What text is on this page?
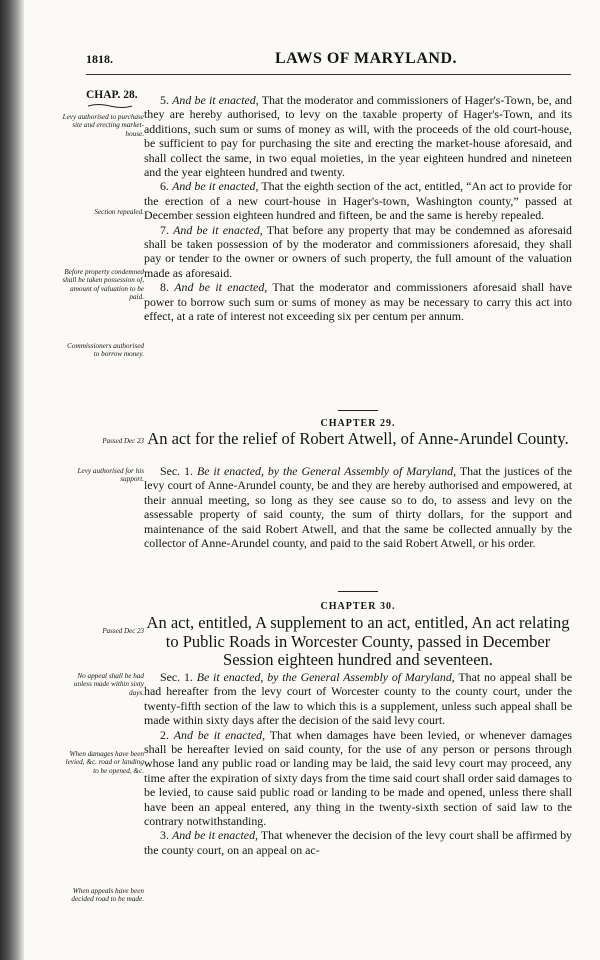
1818.	LAWS OF MARYLAND.
CHAP. 28.
Levy authorised to purchase site and erecting market-house.
Section repealed.
Before property condemned shall be taken possession of, amount of valuation to be paid.
Commissioners authorised to borrow money.

5. And be it enacted, That the moderator and commissioners of Hager's-Town, be, and they are hereby authorised, to levy on the taxable property of Hager's-Town, and its additions, such sum or sums of money as will, with the proceeds of the old court-house, be sufficient to pay for purchasing the site and erecting the market-house aforesaid, and shall collect the same, in two equal moieties, in the year eighteen hundred and nineteen and the year eighteen hundred and twenty.

6. And be it enacted, That the eighth section of the act, entitled, “An act to provide for the erection of a new court-house in Hager's-town, Washington county,” passed at December session eighteen hundred and fifteen, be and the same is hereby repealed.

7. And be it enacted, That before any property that may be condemned as aforesaid shall be taken possession of by the moderator and commissioners aforesaid, they shall pay or tender to the owner or owners of such property, the full amount of the valuation made as aforesaid.

8. And be it enacted, That the moderator and commissioners aforesaid shall have power to borrow such sum or sums of money as may be necessary to carry this act into effect, at a rate of interest not exceeding six per centum per annum.

CHAPTER 29.
Passed Dec 23 An act for the relief of Robert Atwell, of Anne-Arundel County.
Levy authorised for his support.

Sec. 1. Be it enacted, by the General Assembly of Maryland, That the justices of the levy court of Anne-Arundel county, be and they are hereby authorised and empowered, at their annual meeting, so long as they see cause so to do, to assess and levy on the assessable property of said county, the sum of thirty dollars, for the support and maintenance of the said Robert Atwell, and that the same be collected annually by the collector of Anne-Arundel county, and paid to the said Robert Atwell, or his order.

CHAPTER 30.
Passed Dec 23 An act, entitled, A supplement to an act, entitled, An act relating to Public Roads in Worcester County, passed in December Session eighteen hundred and seventeen.
No appeal shall be had unless made within sixty days.
When damages have been levied, &c. road or landing to be opened, &c.
When appeals have been decided road to be made.

Sec. 1. Be it enacted, by the General Assembly of Maryland, That no appeal shall be had hereafter from the levy court of Worcester county to the county court, under the twenty-fifth section of the law to which this is a supplement, unless such appeal shall be made within sixty days after the decision of the said levy court.

2. And be it enacted, That when damages have been levied, or whenever damages shall be hereafter levied on said county, for the use of any person or persons through whose land any public road or landing may be laid, the said levy court may proceed, any time after the expiration of sixty days from the time said court shall order said damages to be levied, to cause said public road or landing to be made and opened, unless there shall have been an appeal entered, any thing in the twenty-sixth section of said law to the contrary notwithstanding.

3. And be it enacted, That whenever the decision of the levy court shall be affirmed by the county court, on an appeal on ac-
